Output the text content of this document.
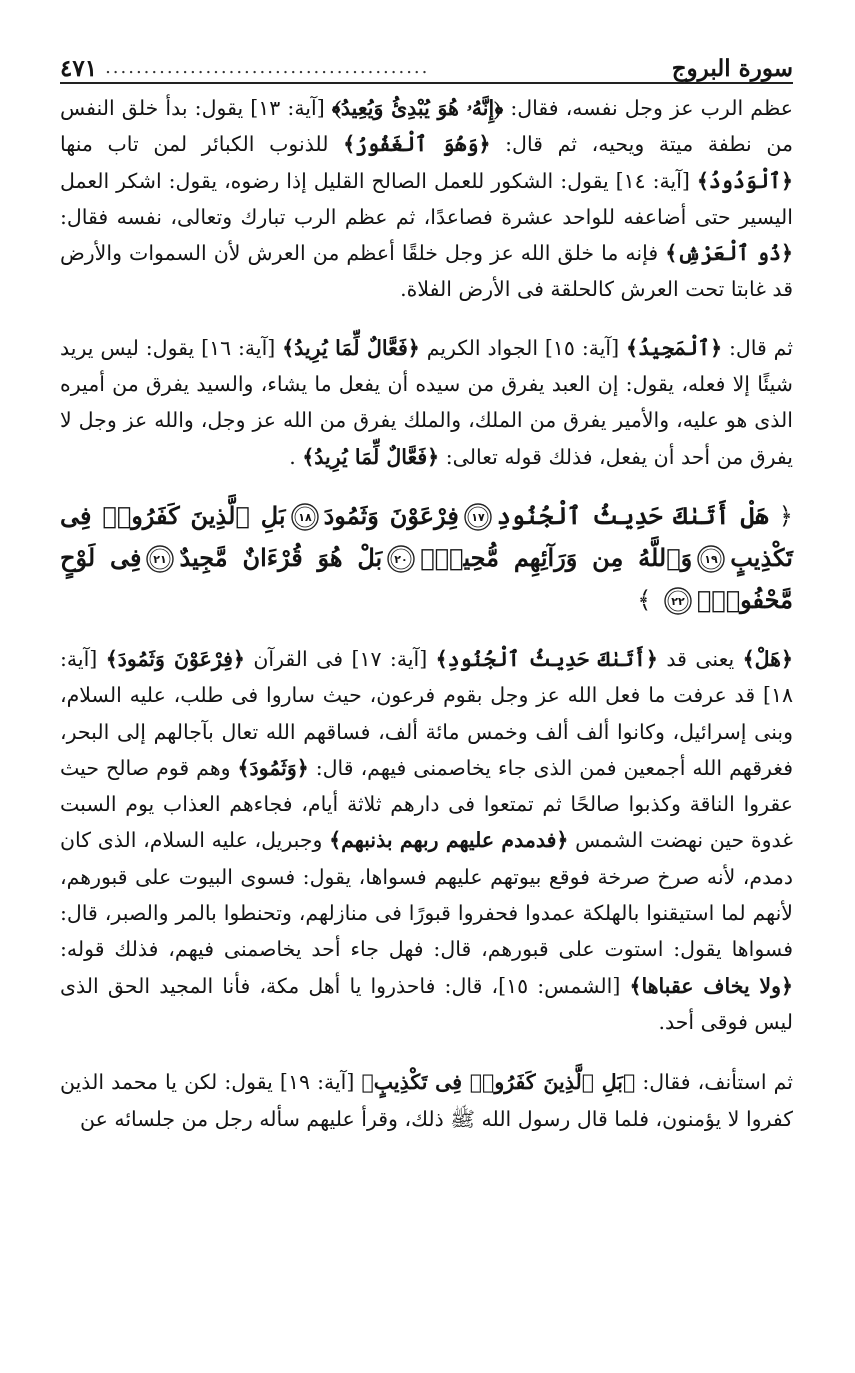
سورة البروج
..........................................
٤٧١

عظم الرب عز وجل نفسه، فقال: ﴿إِنَّهُۥ هُوَ يُبْدِئُ وَيُعِيدُ﴾ [آية: ١٣] يقول: بدأ خلق النفس من نطفة ميتة ويحيه، ثم قال: ﴿وَهُوَ ٱلْغَفُورُ﴾ للذنوب الكبائر لمن تاب منها ﴿ٱلْوَدُودُ﴾ [آية: ١٤] يقول: الشكور للعمل الصالح القليل إذا رضوه، يقول: اشكر العمل اليسير حتى أضاعفه للواحد عشرة فصاعدًا، ثم عظم الرب تبارك وتعالى، نفسه فقال: ﴿ذُو ٱلْعَرْشِ﴾ فإنه ما خلق الله عز وجل خلقًا أعظم من العرش لأن السموات والأرض قد غابتا تحت العرش كالحلقة فى الأرض الفلاة.

ثم قال: ﴿ٱلْمَجِيدُ﴾ [آية: ١٥] الجواد الكريم ﴿فَعَّالٌ لِّمَا يُرِيدُ﴾ [آية: ١٦] يقول: ليس يريد شيئًا إلا فعله، يقول: إن العبد يفرق من سيده أن يفعل ما يشاء، والسيد يفرق من أميره الذى هو عليه، والأمير يفرق من الملك، والملك يفرق من الله عز وجل، والله عز وجل لا يفرق من أحد أن يفعل، فذلك قوله تعالى: ﴿فَعَّالٌ لِّمَا يُرِيدُ﴾ .

﴿ هَلْ أَتَىٰكَ حَدِيثُ ٱلْجُنُودِ
١٧
فِرْعَوْنَ وَثَمُودَ
١٨
بَلِ ٱلَّذِينَ كَفَرُوا۟ فِى تَكْذِيبٍ
١٩
وَٱللَّهُ مِن وَرَآئِهِم مُّحِيطٌۢ
٢٠
بَلْ هُوَ قُرْءَانٌ مَّجِيدٌ
٢١
فِى لَوْحٍ مَّحْفُوظٍۭ
٢٢
﴾

﴿هَلْ﴾ يعنى قد ﴿أَتَىٰكَ حَدِيثُ ٱلْجُنُودِ﴾ [آية: ١٧] فى القرآن ﴿فِرْعَوْنَ وَثَمُودَ﴾ [آية: ١٨] قد عرفت ما فعل الله عز وجل بقوم فرعون، حيث ساروا فى طلب، عليه السلام، وبنى إسرائيل، وكانوا ألف ألف وخمس مائة ألف، فساقهم الله تعال بآجالهم إلى البحر، فغرقهم الله أجمعين فمن الذى جاء يخاصمنى فيهم، قال: ﴿وَثَمُودَ﴾ وهم قوم صالح حيث عقروا الناقة وكذبوا صالحًا ثم تمتعوا فى دارهم ثلاثة أيام، فجاءهم العذاب يوم السبت غدوة حين نهضت الشمس ﴿فدمدم عليهم ربهم بذنبهم﴾ وجبريل، عليه السلام، الذى كان دمدم، لأنه صرخ صرخة فوقع بيوتهم عليهم فسواها، يقول: فسوى البيوت على قبورهم، لأنهم لما استيقنوا بالهلكة عمدوا فحفروا قبورًا فى منازلهم، وتحنطوا بالمر والصبر، قال: فسواها يقول: استوت على قبورهم، قال: فهل جاء أحد يخاصمنى فيهم، فذلك قوله: ﴿ولا يخاف عقباها﴾ [الشمس: ١٥]، قال: فاحذروا يا أهل مكة، فأنا المجيد الحق الذى ليس فوقى أحد.

ثم استأنف، فقال: ﴿بَلِ ٱلَّذِينَ كَفَرُوا۟ فِى تَكْذِيبٍ﴾ [آية: ١٩] يقول: لكن يا محمد الذين كفروا لا يؤمنون، فلما قال رسول الله ﷺ ذلك، وقرأ عليهم سأله رجل من جلسائه عن
